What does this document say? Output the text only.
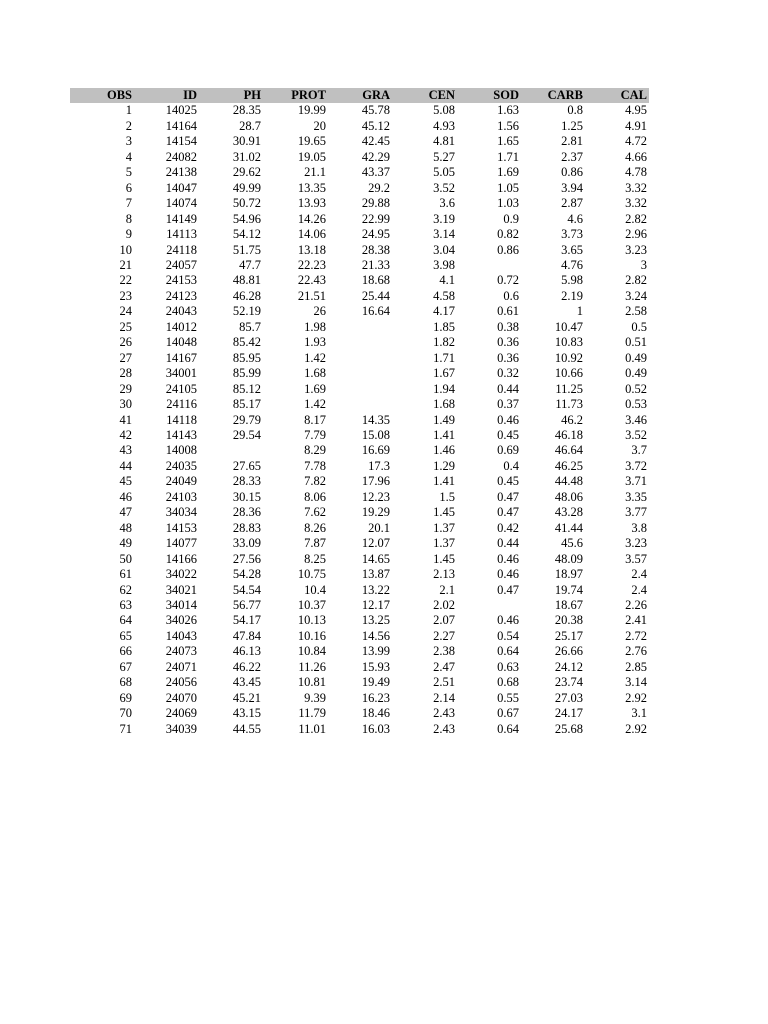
OBS	ID	PH	PROT	GRA	CEN	SOD	CARB	CAL
1	14025	28.35	19.99	45.78	5.08	1.63	0.8	4.95
2	14164	28.7	20	45.12	4.93	1.56	1.25	4.91
3	14154	30.91	19.65	42.45	4.81	1.65	2.81	4.72
4	24082	31.02	19.05	42.29	5.27	1.71	2.37	4.66
5	24138	29.62	21.1	43.37	5.05	1.69	0.86	4.78
6	14047	49.99	13.35	29.2	3.52	1.05	3.94	3.32
7	14074	50.72	13.93	29.88	3.6	1.03	2.87	3.32
8	14149	54.96	14.26	22.99	3.19	0.9	4.6	2.82
9	14113	54.12	14.06	24.95	3.14	0.82	3.73	2.96
10	24118	51.75	13.18	28.38	3.04	0.86	3.65	3.23
21	24057	47.7	22.23	21.33	3.98		4.76	3
22	24153	48.81	22.43	18.68	4.1	0.72	5.98	2.82
23	24123	46.28	21.51	25.44	4.58	0.6	2.19	3.24
24	24043	52.19	26	16.64	4.17	0.61	1	2.58
25	14012	85.7	1.98		1.85	0.38	10.47	0.5
26	14048	85.42	1.93		1.82	0.36	10.83	0.51
27	14167	85.95	1.42		1.71	0.36	10.92	0.49
28	34001	85.99	1.68		1.67	0.32	10.66	0.49
29	24105	85.12	1.69		1.94	0.44	11.25	0.52
30	24116	85.17	1.42		1.68	0.37	11.73	0.53
41	14118	29.79	8.17	14.35	1.49	0.46	46.2	3.46
42	14143	29.54	7.79	15.08	1.41	0.45	46.18	3.52
43	14008		8.29	16.69	1.46	0.69	46.64	3.7
44	24035	27.65	7.78	17.3	1.29	0.4	46.25	3.72
45	24049	28.33	7.82	17.96	1.41	0.45	44.48	3.71
46	24103	30.15	8.06	12.23	1.5	0.47	48.06	3.35
47	34034	28.36	7.62	19.29	1.45	0.47	43.28	3.77
48	14153	28.83	8.26	20.1	1.37	0.42	41.44	3.8
49	14077	33.09	7.87	12.07	1.37	0.44	45.6	3.23
50	14166	27.56	8.25	14.65	1.45	0.46	48.09	3.57
61	34022	54.28	10.75	13.87	2.13	0.46	18.97	2.4
62	34021	54.54	10.4	13.22	2.1	0.47	19.74	2.4
63	34014	56.77	10.37	12.17	2.02		18.67	2.26
64	34026	54.17	10.13	13.25	2.07	0.46	20.38	2.41
65	14043	47.84	10.16	14.56	2.27	0.54	25.17	2.72
66	24073	46.13	10.84	13.99	2.38	0.64	26.66	2.76
67	24071	46.22	11.26	15.93	2.47	0.63	24.12	2.85
68	24056	43.45	10.81	19.49	2.51	0.68	23.74	3.14
69	24070	45.21	9.39	16.23	2.14	0.55	27.03	2.92
70	24069	43.15	11.79	18.46	2.43	0.67	24.17	3.1
71	34039	44.55	11.01	16.03	2.43	0.64	25.68	2.92
